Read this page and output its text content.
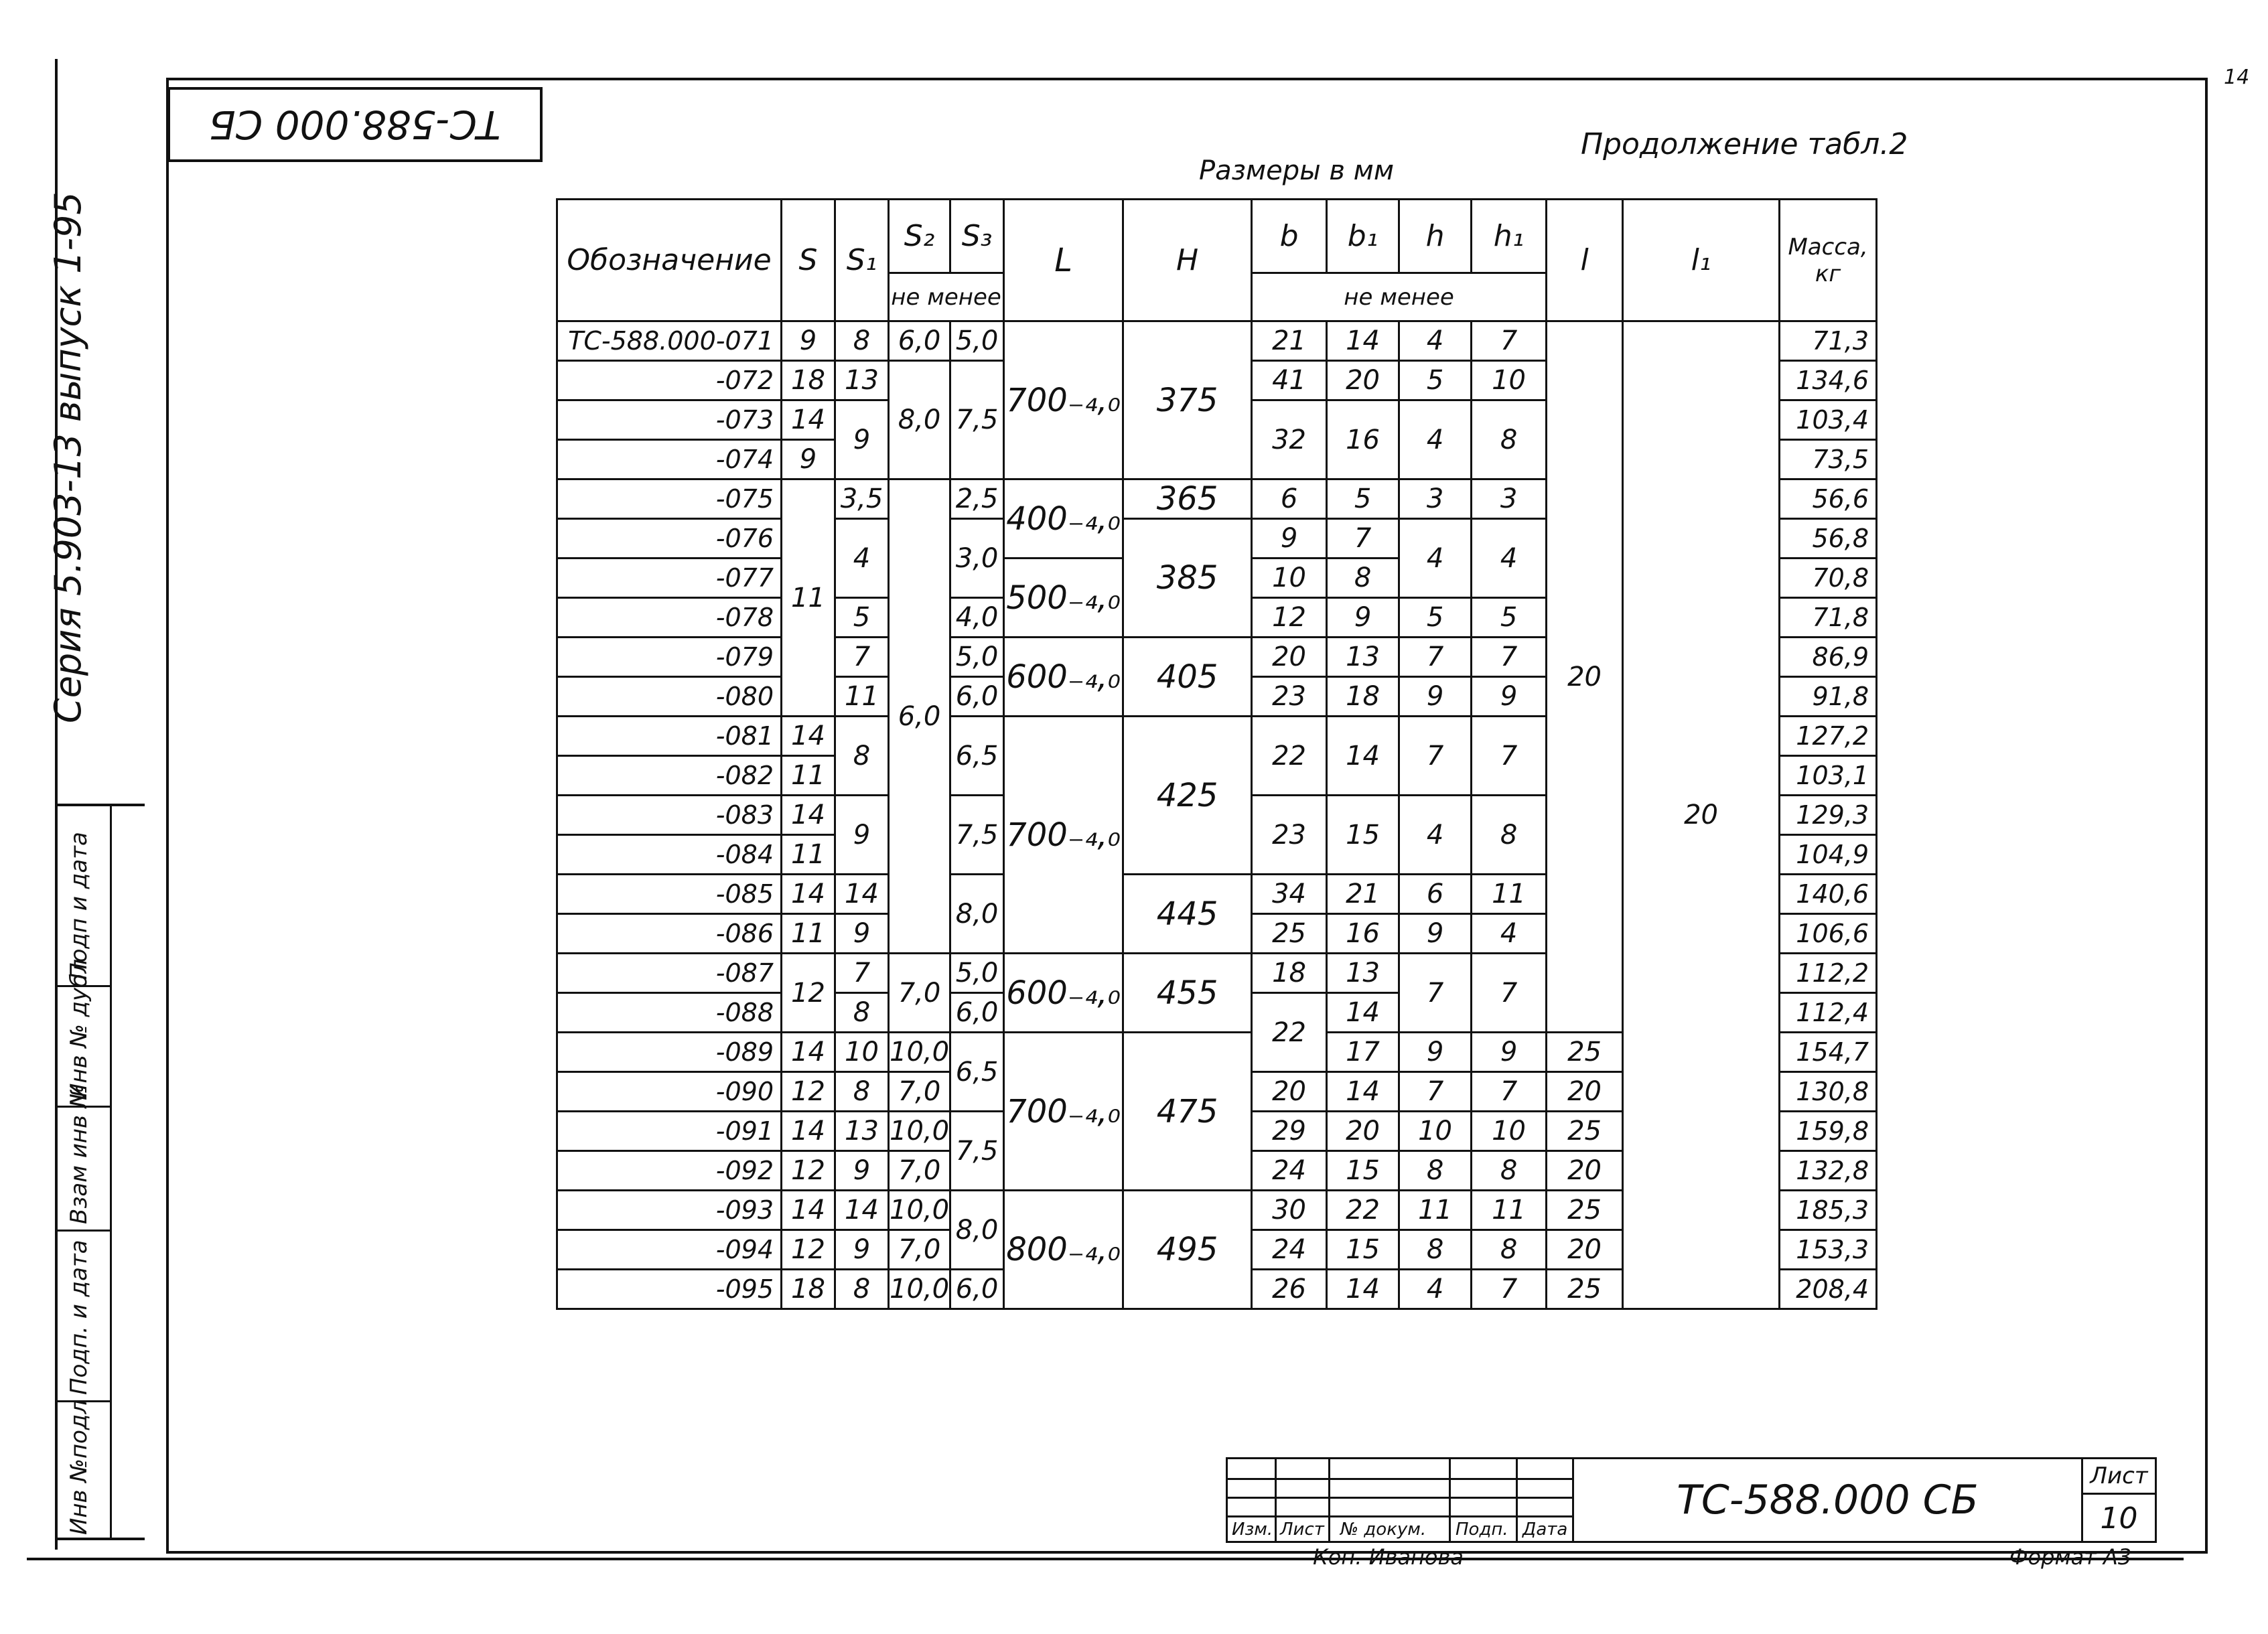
ТС-588.000 СБ
14
Серия 5.903-13 выпуск 1-95
Продолжение табл.2
Размеры в мм
Подп и дата
Инв № дубл
Взам инв №
Подп. и дата
Инв №подл
Обозначение	S	S₁	S₂	S₃	L	H	b	b₁	h	h₁	l	l₁	Масса, кг
			не менее				не менее						
ТС-588.000-071	9	8	6,0	5,0	700₋₄,₀	375	21	14	4	7	20	20	71,3
-072	18	13	8,0	7,5			41	20	5	10			134,6
-073	14	9					32	16	4	8			103,4
-074	9												73,5
-075	11	3,5	6,0	2,5	400₋₄,₀	365	6	5	3	3			56,6
-076		4		3,0		385	9	7	4	4			56,8
-077					500₋₄,₀		10	8					70,8
-078		5		4,0			12	9	5	5			71,8
-079		7		5,0	600₋₄,₀	405	20	13	7	7			86,9
-080		11		6,0			23	18	9	9			91,8
-081	14	8		6,5	700₋₄,₀	425	22	14	7	7			127,2
-082	11												103,1
-083	14	9		7,5			23	15	4	8			129,3
-084	11												104,9
-085	14	14		8,0		445	34	21	6	11			140,6
-086	11	9					25	16	9	4			106,6
-087	12	7	7,0	5,0	600₋₄,₀	455	18	13	7	7			112,2
-088		8		6,0			22	14					112,4
-089	14	10	10,0	6,5	700₋₄,₀	475		17	9	9	25		154,7
-090	12	8	7,0				20	14	7	7	20		130,8
-091	14	13	10,0	7,5			29	20	10	10	25		159,8
-092	12	9	7,0				24	15	8	8	20		132,8
-093	14	14	10,0	8,0	800₋₄,₀	495	30	22	11	11	25		185,3
-094	12	9	7,0				24	15	8	8	20		153,3
-095	18	8	10,0	6,0			26	14	4	7	25		208,4
Изм. Лист № докум. Подп. Дата
ТС-588.000 СБ
Лист
10
Коп. Иванова	Формат А3
